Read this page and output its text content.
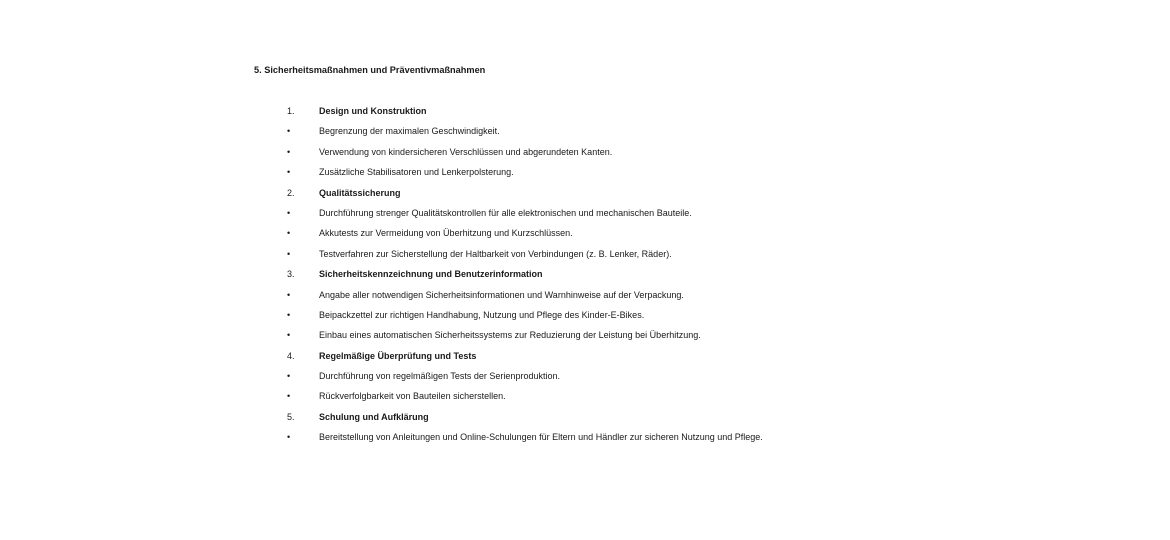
5. Sicherheitsmaßnahmen und Präventivmaßnahmen
1.	Design und Konstruktion
•	Begrenzung der maximalen Geschwindigkeit.
•	Verwendung von kindersicheren Verschlüssen und abgerundeten Kanten.
•	Zusätzliche Stabilisatoren und Lenkerpolsterung.
2.	Qualitätssicherung
•	Durchführung strenger Qualitätskontrollen für alle elektronischen und mechanischen Bauteile.
•	Akkutests zur Vermeidung von Überhitzung und Kurzschlüssen.
•	Testverfahren zur Sicherstellung der Haltbarkeit von Verbindungen (z. B. Lenker, Räder).
3.	Sicherheitskennzeichnung und Benutzerinformation
•	Angabe aller notwendigen Sicherheitsinformationen und Warnhinweise auf der Verpackung.
•	Beipackzettel zur richtigen Handhabung, Nutzung und Pflege des Kinder-E-Bikes.
•	Einbau eines automatischen Sicherheitssystems zur Reduzierung der Leistung bei Überhitzung.
4.	Regelmäßige Überprüfung und Tests
•	Durchführung von regelmäßigen Tests der Serienproduktion.
•	Rückverfolgbarkeit von Bauteilen sicherstellen.
5.	Schulung und Aufklärung
•	Bereitstellung von Anleitungen und Online-Schulungen für Eltern und Händler zur sicheren Nutzung und Pflege.
